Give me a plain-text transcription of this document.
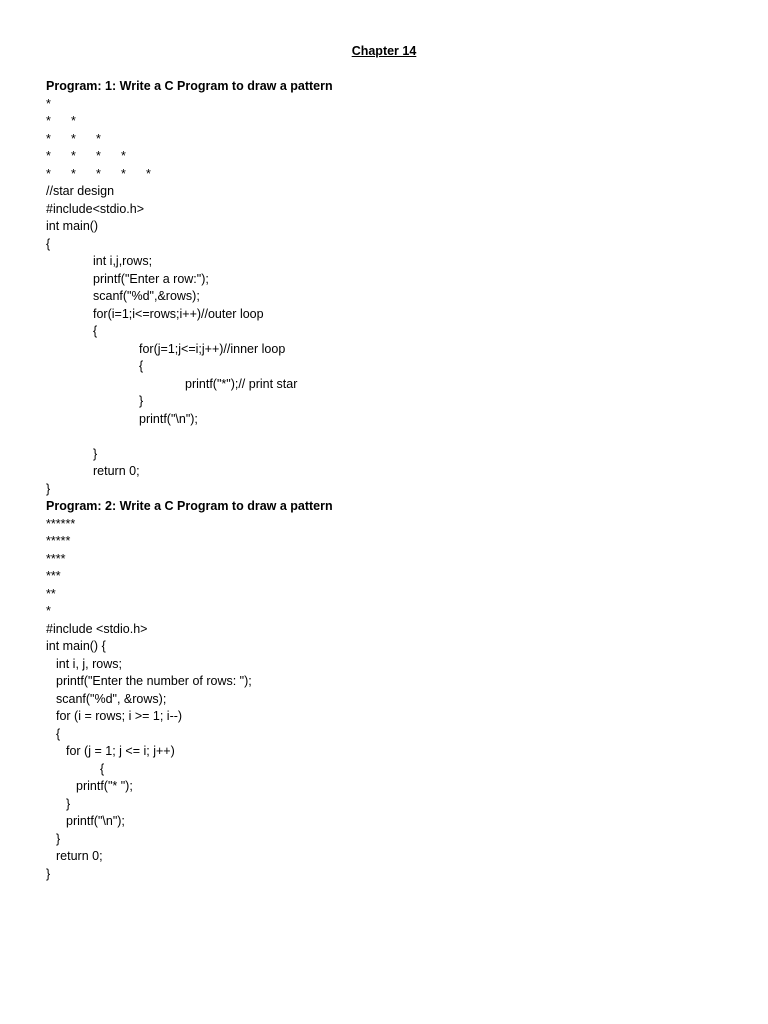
Chapter 14
Program: 1: Write a C Program to draw a pattern
*
* *
* * *
* * * *
* * * * *
//star design
#include<stdio.h>
int main()
{
int i,j,rows;
printf("Enter a row:");
scanf("%d",&rows);
for(i=1;i<=rows;i++)//outer loop
{
for(j=1;j<=i;j++)//inner loop
{
printf("*");// print star
}
printf("\n");
}
return 0;
}
Program: 2: Write a C Program to draw a pattern
******
*****
****
***
**
*
#include <stdio.h>
int main() {
int i, j, rows;
printf("Enter the number of rows: ");
scanf("%d", &rows);
for (i = rows; i >= 1; i--)
{
for (j = 1; j <= i; j++)
{
printf("* ");
}
printf("\n");
}
return 0;
}
